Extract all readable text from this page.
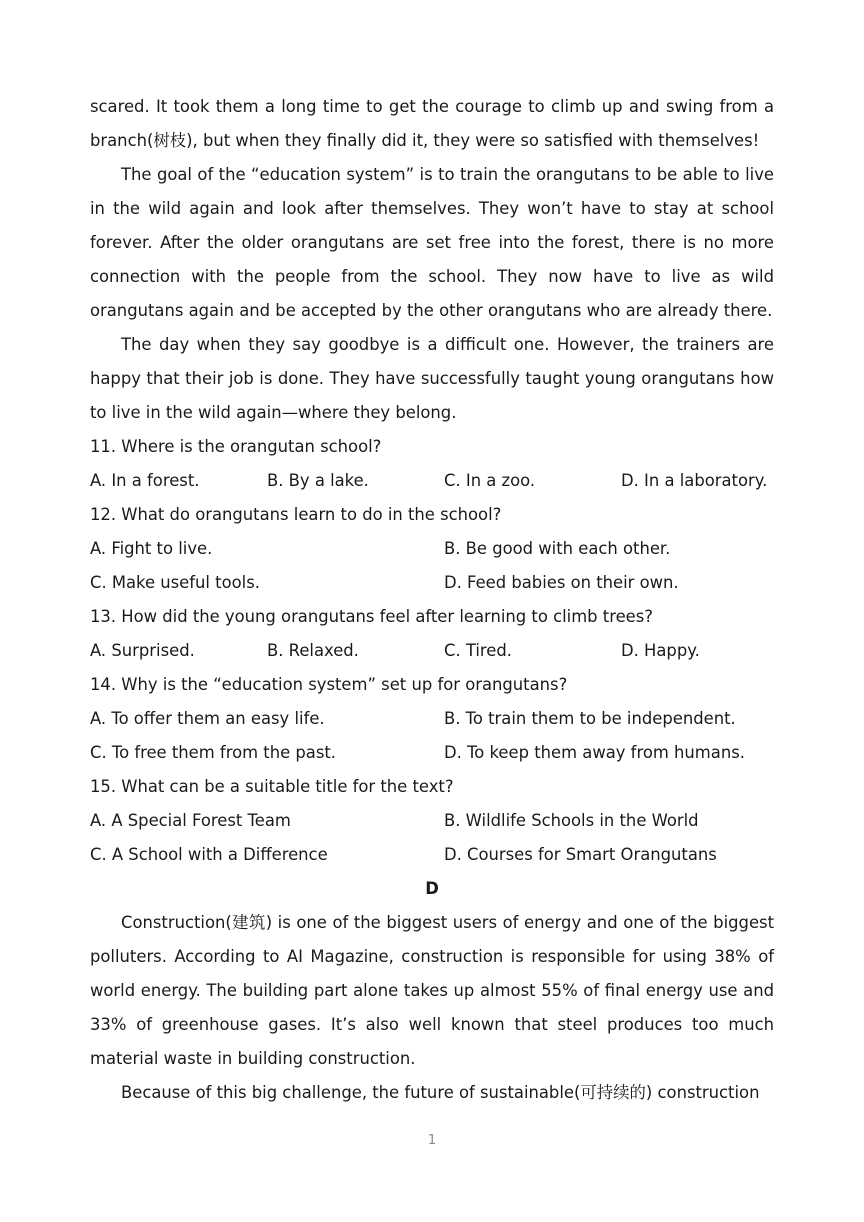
scared. It took them a long time to get the courage to climb up and swing from a branch(树枝), but when they finally did it, they were so satisfied with themselves!

The goal of the “education system” is to train the orangutans to be able to live in the wild again and look after themselves. They won’t have to stay at school forever. After the older orangutans are set free into the forest, there is no more connection with the people from the school. They now have to live as wild orangutans again and be accepted by the other orangutans who are already there.

The day when they say goodbye is a difficult one. However, the trainers are happy that their job is done. They have successfully taught young orangutans how to live in the wild again—where they belong.

11. Where is the orangutan school?

A. In a forest.	B. By a lake.	C. In a zoo.	D. In a laboratory.

12. What do orangutans learn to do in the school?

A. Fight to live.	B. Be good with each other.
C. Make useful tools.	D. Feed babies on their own.

13. How did the young orangutans feel after learning to climb trees?

A. Surprised.	B. Relaxed.	C. Tired.	D. Happy.

14. Why is the “education system” set up for orangutans?

A. To offer them an easy life.	B. To train them to be independent.
C. To free them from the past.	D. To keep them away from humans.

15. What can be a suitable title for the text?

A. A Special Forest Team	B. Wildlife Schools in the World
C. A School with a Difference	D. Courses for Smart Orangutans

D

Construction(建筑) is one of the biggest users of energy and one of the biggest polluters. According to AI Magazine, construction is responsible for using 38% of world energy. The building part alone takes up almost 55% of final energy use and 33% of greenhouse gases. It’s also well known that steel produces too much material waste in building construction.

Because of this big challenge, the future of sustainable(可持续的) construction

1
